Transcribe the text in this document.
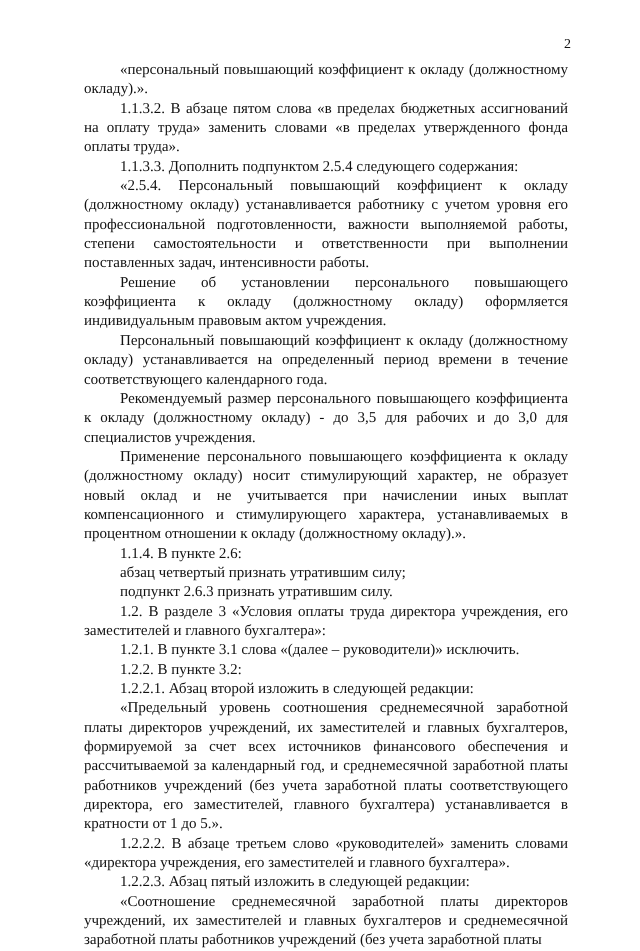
2

«персональный повышающий коэффициент к окладу (должностному окладу).».

1.1.3.2. В абзаце пятом слова «в пределах бюджетных ассигнований на оплату труда» заменить словами «в пределах утвержденного фонда оплаты труда».

1.1.3.3. Дополнить подпунктом 2.5.4 следующего содержания:

«2.5.4. Персональный повышающий коэффициент к окладу (должностному окладу) устанавливается работнику с учетом уровня его профессиональной подготовленности, важности выполняемой работы, степени самостоятельности и ответственности при выполнении поставленных задач, интенсивности работы.

Решение об установлении персонального повышающего коэффициента к окладу (должностному окладу) оформляется индивидуальным правовым актом учреждения.

Персональный повышающий коэффициент к окладу (должностному окладу) устанавливается на определенный период времени в течение соответствующего календарного года.

Рекомендуемый размер персонального повышающего коэффициента к окладу (должностному окладу) - до 3,5 для рабочих и до 3,0 для специалистов учреждения.

Применение персонального повышающего коэффициента к окладу (должностному окладу) носит стимулирующий характер, не образует новый оклад и не учитывается при начислении иных выплат компенсационного и стимулирующего характера, устанавливаемых в процентном отношении к окладу (должностному окладу).».

1.1.4. В пункте 2.6:

абзац четвертый признать утратившим силу;

подпункт 2.6.3 признать утратившим силу.

1.2. В разделе 3 «Условия оплаты труда директора учреждения, его заместителей и главного бухгалтера»:

1.2.1. В пункте 3.1 слова «(далее – руководители)» исключить.

1.2.2. В пункте 3.2:

1.2.2.1. Абзац второй изложить в следующей редакции:

«Предельный уровень соотношения среднемесячной заработной платы директоров учреждений, их заместителей и главных бухгалтеров, формируемой за счет всех источников финансового обеспечения и рассчитываемой за календарный год, и среднемесячной заработной платы работников учреждений (без учета заработной платы соответствующего директора, его заместителей, главного бухгалтера) устанавливается в кратности от 1 до 5.».

1.2.2.2. В абзаце третьем слово «руководителей» заменить словами «директора учреждения, его заместителей и главного бухгалтера».

1.2.2.3. Абзац пятый изложить в следующей редакции:

«Соотношение среднемесячной заработной платы директоров учреждений, их заместителей и главных бухгалтеров и среднемесячной заработной платы работников учреждений (без учета заработной платы
